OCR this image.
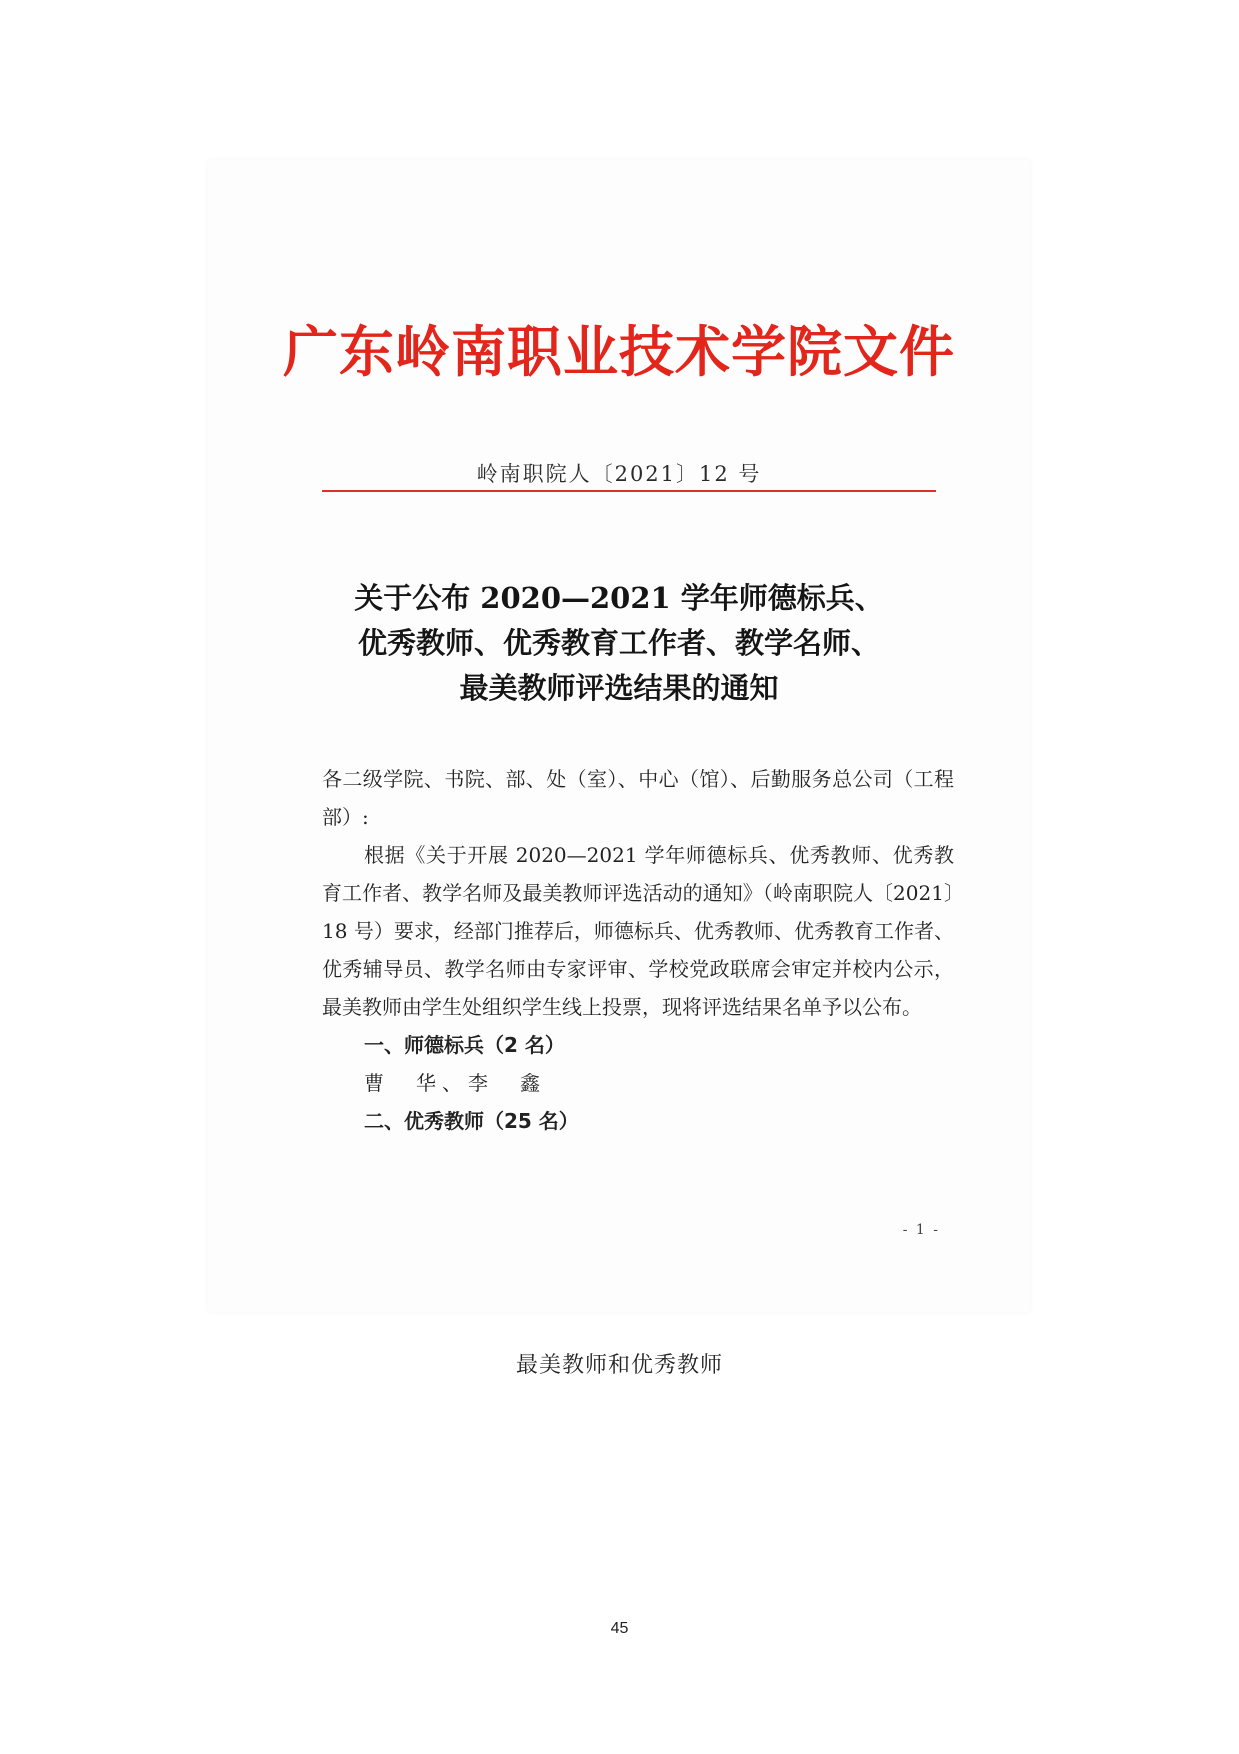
广东岭南职业技术学院文件
岭南职院人〔2021〕12 号
关于公布 2020—2021 学年师德标兵、
优秀教师、优秀教育工作者、教学名师、
最美教师评选结果的通知

各二级学院、书院、部、处（室）、中心（馆）、后勤服务总公司（工程部）:

根据《关于开展 2020—2021 学年师德标兵、优秀教师、优秀教育工作者、教学名师及最美教师评选活动的通知》（岭南职院人〔2021〕18 号）要求，经部门推荐后，师德标兵、优秀教师、优秀教育工作者、优秀辅导员、教学名师由专家评审、学校党政联席会审定并校内公示，最美教师由学生处组织学生线上投票，现将评选结果名单予以公布。

一、师德标兵（2 名）

曹　华、李　鑫

二、优秀教师（25 名）

- 1 -
最美教师和优秀教师
45
